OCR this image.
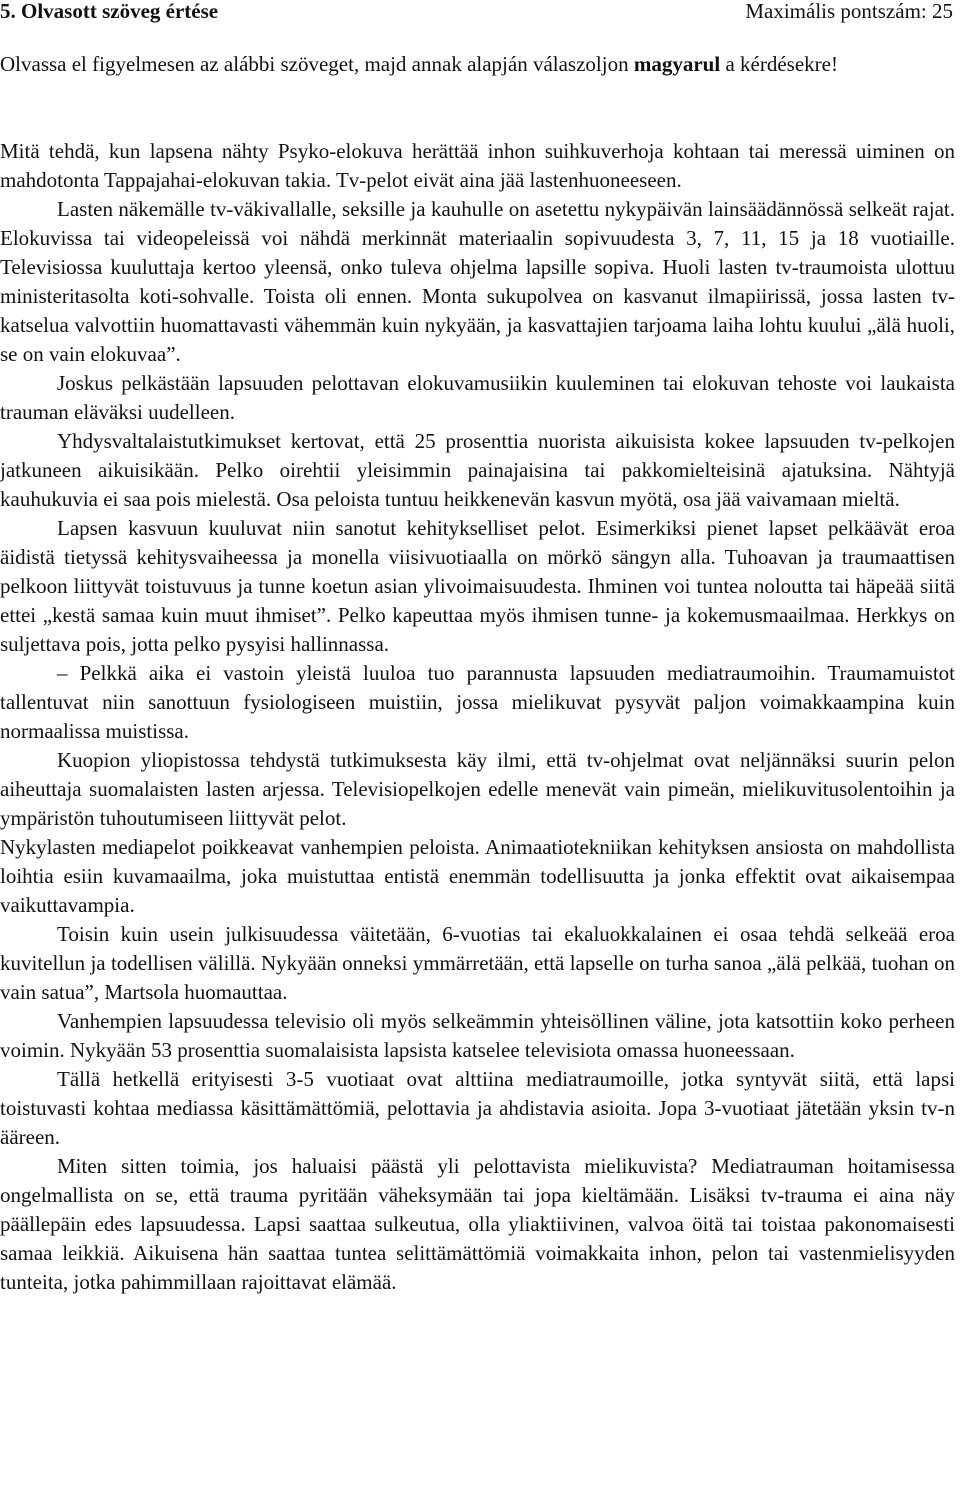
5. Olvasott szöveg értése	Maximális pontszám: 25
Olvassa el figyelmesen az alábbi szöveget, majd annak alapján válaszoljon magyarul a kérdésekre!

Mitä tehdä, kun lapsena nähty Psyko-elokuva herättää inhon suihkuverhoja kohtaan tai meressä uiminen on mahdotonta Tappajahai-elokuvan takia. Tv-pelot eivät aina jää lastenhuoneeseen.

Lasten näkemälle tv-väkivallalle, seksille ja kauhulle on asetettu nykypäivän lainsäädännössä selkeät rajat. Elokuvissa tai videopeleissä voi nähdä merkinnät materiaalin sopivuudesta 3, 7, 11, 15 ja 18 vuotiaille. Televisiossa kuuluttaja kertoo yleensä, onko tuleva ohjelma lapsille sopiva. Huoli lasten tv-traumoista ulottuu ministeritasolta koti-sohvalle. Toista oli ennen. Monta sukupolvea on kasvanut ilmapiirissä, jossa lasten tv-katselua valvottiin huomattavasti vähemmän kuin nykyään, ja kasvattajien tarjoama laiha lohtu kuului „älä huoli, se on vain elokuvaa”.

Joskus pelkästään lapsuuden pelottavan elokuvamusiikin kuuleminen tai elokuvan tehoste voi laukaista trauman eläväksi uudelleen.

Yhdysvaltalaistutkimukset kertovat, että 25 prosenttia nuorista aikuisista kokee lapsuuden tv-pelkojen jatkuneen aikuisikään. Pelko oirehtii yleisimmin painajaisina tai pakkomielteisinä ajatuksina. Nähtyjä kauhukuvia ei saa pois mielestä. Osa peloista tuntuu heikkenevän kasvun myötä, osa jää vaivamaan mieltä.

Lapsen kasvuun kuuluvat niin sanotut kehitykselliset pelot. Esimerkiksi pienet lapset pelkäävät eroa äidistä tietyssä kehitysvaiheessa ja monella viisivuotiaalla on mörkö sängyn alla. Tuhoavan ja traumaattisen pelkoon liittyvät toistuvuus ja tunne koetun asian ylivoimaisuudesta. Ihminen voi tuntea noloutta tai häpeää siitä ettei „kestä samaa kuin muut ihmiset”. Pelko kapeuttaa myös ihmisen tunne- ja kokemusmaailmaa. Herkkys on suljettava pois, jotta pelko pysyisi hallinnassa.

– Pelkkä aika ei vastoin yleistä luuloa tuo parannusta lapsuuden mediatraumoihin. Traumamuistot tallentuvat niin sanottuun fysiologiseen muistiin, jossa mielikuvat pysyvät paljon voimakkaampina kuin normaalissa muistissa.

Kuopion yliopistossa tehdystä tutkimuksesta käy ilmi, että tv-ohjelmat ovat neljännäksi suurin pelon aiheuttaja suomalaisten lasten arjessa. Televisiopelkojen edelle menevät vain pimeän, mielikuvitusolentoihin ja ympäristön tuhoutumiseen liittyvät pelot.

Nykylasten mediapelot poikkeavat vanhempien peloista. Animaatiotekniikan kehityksen ansiosta on mahdollista loihtia esiin kuvamaailma, joka muistuttaa entistä enemmän todellisuutta ja jonka effektit ovat aikaisempaa vaikuttavampia.

Toisin kuin usein julkisuudessa väitetään, 6-vuotias tai ekaluokkalainen ei osaa tehdä selkeää eroa kuvitellun ja todellisen välillä. Nykyään onneksi ymmärretään, että lapselle on turha sanoa „älä pelkää, tuohan on vain satua”, Martsola huomauttaa.

Vanhempien lapsuudessa televisio oli myös selkeämmin yhteisöllinen väline, jota katsottiin koko perheen voimin. Nykyään 53 prosenttia suomalaisista lapsista katselee televisiota omassa huoneessaan.

Tällä hetkellä erityisesti 3-5 vuotiaat ovat alttiina mediatraumoille, jotka syntyvät siitä, että lapsi toistuvasti kohtaa mediassa käsittämättömiä, pelottavia ja ahdistavia asioita. Jopa 3-vuotiaat jätetään yksin tv-n ääreen.

Miten sitten toimia, jos haluaisi päästä yli pelottavista mielikuvista? Mediatrauman hoitamisessa ongelmallista on se, että trauma pyritään väheksymään tai jopa kieltämään. Lisäksi tv-trauma ei aina näy päällepäin edes lapsuudessa. Lapsi saattaa sulkeutua, olla yliaktiivinen, valvoa öitä tai toistaa pakonomaisesti samaa leikkiä. Aikuisena hän saattaa tuntea selittämättömiä voimakkaita inhon, pelon tai vastenmielisyyden tunteita, jotka pahimmillaan rajoittavat elämää.
